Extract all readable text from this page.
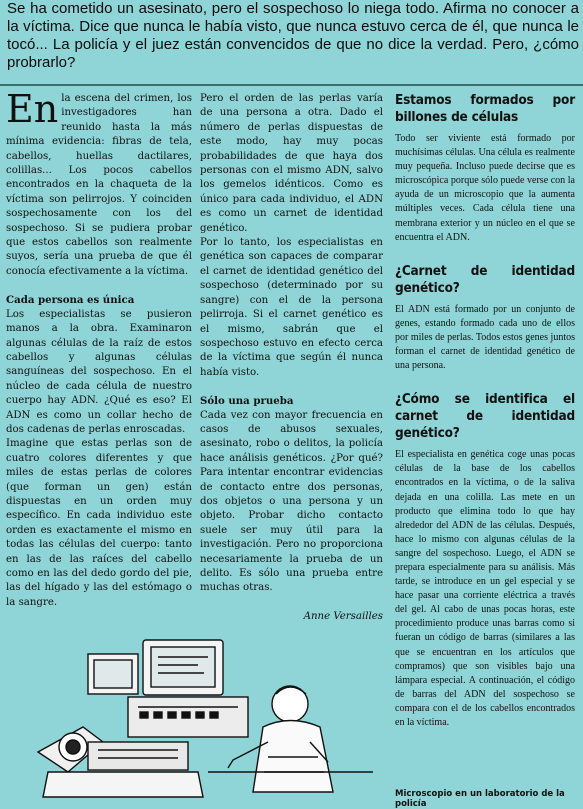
Se ha cometido un asesinato, pero el sospechoso lo niega todo. Afirma no conocer a la víctima. Dice que nunca le había visto, que nunca estuvo cerca de él, que nunca le tocó... La policía y el juez están convencidos de que no dice la verdad. Pero, ¿cómo probrarlo?

En la escena del crimen, los investigadores han reunido hasta la más mínima evidencia: fibras de tela, cabellos, huellas dactilares, colillas... Los pocos cabellos encontrados en la chaqueta de la víctima son pelirrojos. Y coinciden sospechosamente con los del sospechoso. Si se pudiera probar que estos cabellos son realmente suyos, sería una prueba de que él conocía efectivamente a la víctima.

Cada persona es única

Los especialistas se pusieron manos a la obra. Examinaron algunas células de la raíz de estos cabellos y algunas células sanguíneas del sospechoso. En el núcleo de cada célula de nuestro cuerpo hay ADN. ¿Qué es eso? El ADN es como un collar hecho de dos cadenas de perlas enroscadas.

Imagine que estas perlas son de cuatro colores diferentes y que miles de estas perlas de colores (que forman un gen) están dispuestas en un orden muy específico. En cada individuo este orden es exactamente el mismo en todas las células del cuerpo: tanto en las de las raíces del cabello como en las del dedo gordo del pie, las del hígado y las del estómago o la sangre.

Pero el orden de las perlas varía de una persona a otra. Dado el número de perlas dispuestas de este modo, hay muy pocas probabilidades de que haya dos personas con el mismo ADN, salvo los gemelos idénticos. Como es único para cada individuo, el ADN es como un carnet de identidad genético.

Por lo tanto, los especialistas en genética son capaces de comparar el carnet de identidad genético del sospechoso (determinado por su sangre) con el de la persona pelirroja. Si el carnet genético es el mismo, sabrán que el sospechoso estuvo en efecto cerca de la víctima que según él nunca había visto.

Sólo una prueba

Cada vez con mayor frecuencia en casos de abusos sexuales, asesinato, robo o delitos, la policía hace análisis genéticos. ¿Por qué? Para intentar encontrar evidencias de contacto entre dos personas, dos objetos o una persona y un objeto. Probar dicho contacto suele ser muy útil para la investigación. Pero no proporciona necesariamente la prueba de un delito. Es sólo una prueba entre muchas otras.

Anne Versailles

Estamos formados por billones de células

Todo ser viviente está formado por muchísimas células. Una célula es realmente muy pequeña. Incluso puede decirse que es microscópica porque sólo puede verse con la ayuda de un microscopio que la aumenta múltiples veces. Cada célula tiene una membrana exterior y un núcleo en el que se encuentra el ADN.

¿Carnet de identidad genético?

El ADN está formado por un conjunto de genes, estando formado cada uno de ellos por miles de perlas. Todos estos genes juntos forman el carnet de identidad genético de una persona.

¿Cómo se identifica el carnet de identidad genético?

El especialista en genética coge unas pocas células de la base de los cabellos encontrados en la víctima, o de la saliva dejada en una colilla. Las mete en un producto que elimina todo lo que hay alrededor del ADN de las células. Después, hace lo mismo con algunas células de la sangre del sospechoso. Luego, el ADN se prepara especialmente para su análisis. Más tarde, se introduce en un gel especial y se hace pasar una corriente eléctrica a través del gel. Al cabo de unas pocas horas, este procedimiento produce unas barras como si fueran un código de barras (similares a las que se encuentran en los artículos que compramos) que son visibles bajo una lámpara especial. A continuación, el código de barras del ADN del sospechoso se compara con el de los cabellos encontrados en la víctima.

Microscopio en un laboratorio de la policía
